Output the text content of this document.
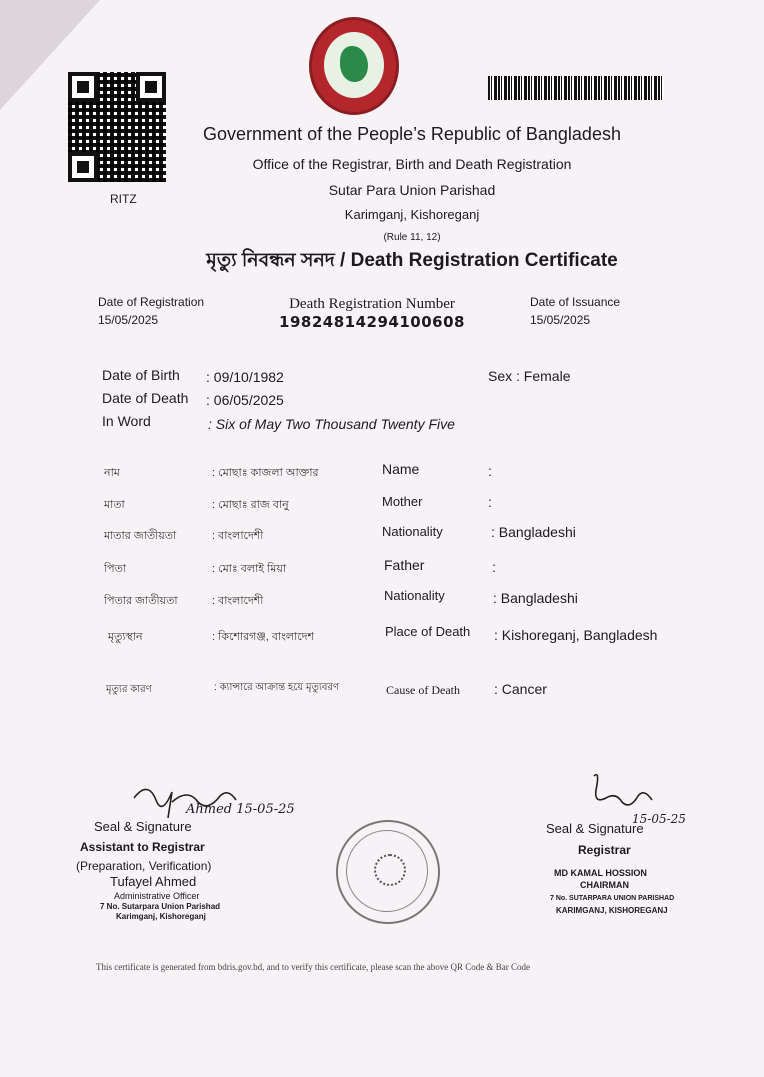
RITZ
Government of the People’s Republic of Bangladesh
Office of the Registrar, Birth and Death Registration
Sutar Para Union Parishad
Karimganj, Kishoreganj
(Rule 11, 12)
মৃত্যু নিবন্ধন সনদ / Death Registration Certificate
Date of Registration
15/05/2025
Death Registration Number
19824814294100608
Date of Issuance
15/05/2025
Date of Birth : 09/10/1982	Sex : Female
Date of Death : 06/05/2025
In Word	: Six of May Two Thousand Twenty Five
নাম	: মোছাঃ কাজলা আক্তার	Name	:
মাতা	: মোছাঃ রাজ বানু	Mother	:
মাতার জাতীয়তা	: বাংলাদেশী	Nationality	: Bangladeshi
পিতা	: মোঃ বলাই মিয়া	Father	:
পিতার জাতীয়তা	: বাংলাদেশী	Nationality	: Bangladeshi
মৃত্যুস্থান	: কিশোরগঞ্জ, বাংলাদেশ	Place of Death : Kishoreganj, Bangladesh
মৃত্যুর কারণ	: ক্যান্সারে আক্রান্ত হয়ে মৃত্যুবরণ	Cause of Death : Cancer
Ahmed 15-05-25
Seal & Signature
Assistant to Registrar
(Preparation, Verification)
Tufayel Ahmed
Administrative Officer
7 No. Sutarpara Union Parishad
Karimganj, Kishoreganj
15-05-25
Seal & Signature
Registrar
MD KAMAL HOSSION
CHAIRMAN
7 No. SUTARPARA UNION PARISHAD
KARIMGANJ, KISHOREGANJ
This certificate is generated from bdris.gov.bd, and to verify this certificate, please scan the above QR Code & Bar Code
